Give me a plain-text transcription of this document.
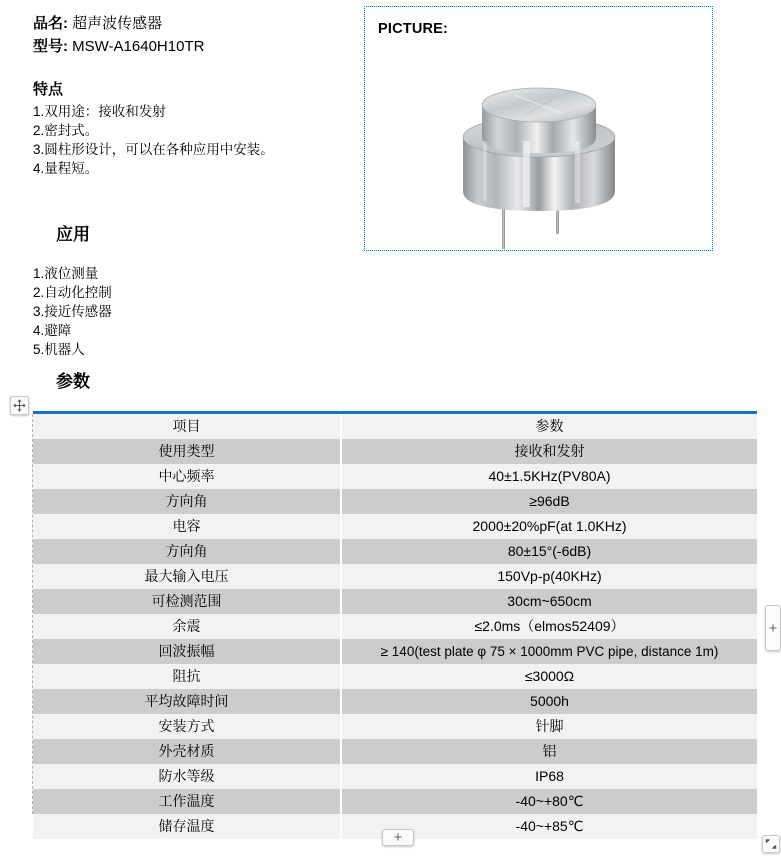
品名: 超声波传感器
型号: MSW-A1640H10TR
特点
1.双用途：接收和发射
2.密封式。
3.圆柱形设计，可以在各种应用中安装。
4.量程短。
应用
1.液位测量
2.自动化控制
3.接近传感器
4.避障
5.机器人
参数
PICTURE:
项目	参数
使用类型	接收和发射
中心频率	40±1.5KHz(PV80A)
方向角	≥96dB
电容	2000±20%pF(at 1.0KHz)
方向角	80±15°(-6dB)
最大输入电压	150Vp-p(40KHz)
可检测范围	30cm~650cm
余震	≤2.0ms（elmos52409）
回波振幅	≥ 140(test plate φ 75 × 1000mm PVC pipe, distance 1m)
阻抗	≤3000Ω
平均故障时间	5000h
安装方式	针脚
外壳材质	铝
防水等级	IP68
工作温度	-40~+80℃
储存温度	-40~+85℃
+
+
